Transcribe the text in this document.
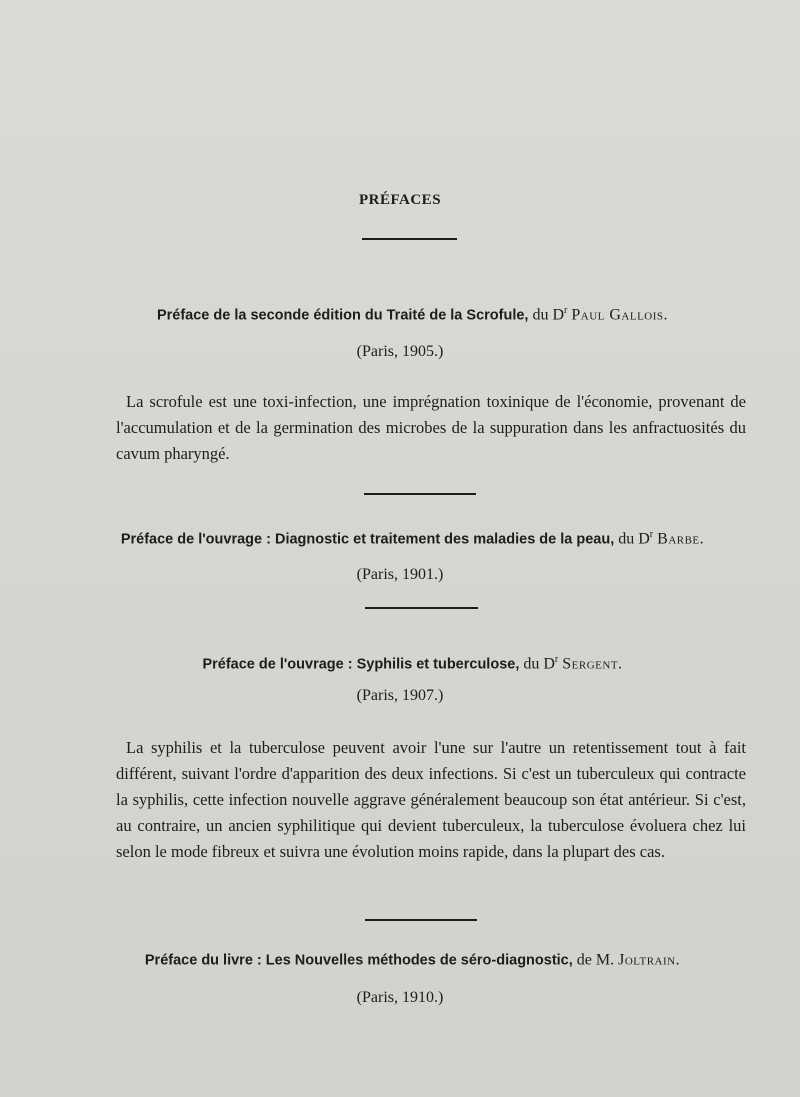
PRÉFACES
Préface de la seconde édition du Traité de la Scrofule, du $D^r$ Paul Gallois.
(Paris, 1905.)
La scrofule est une toxi-infection, une imprégnation toxinique de l'économie, provenant de l'accumulation et de la germination des microbes de la suppuration dans les anfractuosités du cavum pharyngé.
Préface de l'ouvrage : Diagnostic et traitement des maladies de la peau, du $D^r$ Barbe.
(Paris, 1901.)
Préface de l'ouvrage : Syphilis et tuberculose, du $D^r$ Sergent.
(Paris, 1907.)
La syphilis et la tuberculose peuvent avoir l'une sur l'autre un retentissement tout à fait différent, suivant l'ordre d'apparition des deux infections. Si c'est un tuberculeux qui contracte la syphilis, cette infection nouvelle aggrave généralement beaucoup son état antérieur. Si c'est, au contraire, un ancien syphilitique qui devient tuberculeux, la tuberculose évoluera chez lui selon le mode fibreux et suivra une évolution moins rapide, dans la plupart des cas.
Préface du livre : Les Nouvelles méthodes de séro-diagnostic, de M. Joltrain.
(Paris, 1910.)
